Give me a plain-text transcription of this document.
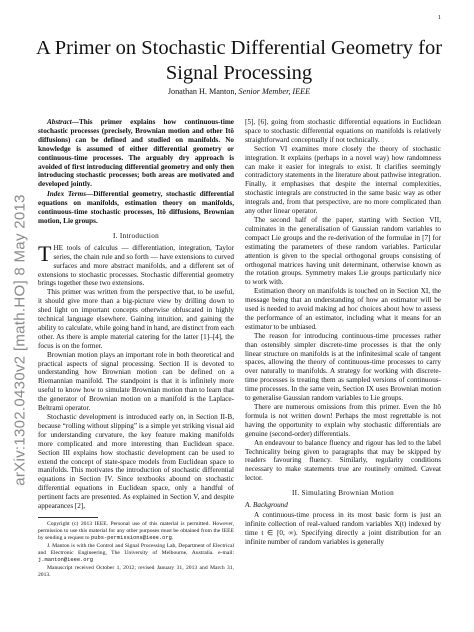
1
arXiv:1302.0430v2 [math.HO] 8 May 2013
A Primer on Stochastic Differential Geometry for
Signal Processing
Jonathan H. Manton, Senior Member, IEEE

Abstract—This primer explains how continuous-time stochastic processes (precisely, Brownian motion and other Itô diffusions) can be defined and studied on manifolds. No knowledge is assumed of either differential geometry or continuous-time processes. The arguably dry approach is avoided of first introducing differential geometry and only then introducing stochastic processes; both areas are motivated and developed jointly.

Index Terms—Differential geometry, stochastic differential equations on manifolds, estimation theory on manifolds, continuous-time stochastic processes, Itô diffusions, Brownian motion, Lie groups.

I. Introduction

THE tools of calculus — differentiation, integration, Taylor series, the chain rule and so forth — have extensions to curved surfaces and more abstract manifolds, and a different set of extensions to stochastic processes. Stochastic differential geometry brings together these two extensions.

This primer was written from the perspective that, to be useful, it should give more than a big-picture view by drilling down to shed light on important concepts otherwise obfuscated in highly technical language elsewhere. Gaining intuition, and gaining the ability to calculate, while going hand in hand, are distinct from each other. As there is ample material catering for the latter [1]–[4], the focus is on the former.

Brownian motion plays an important role in both theoretical and practical aspects of signal processing. Section II is devoted to understanding how Brownian motion can be defined on a Riemannian manifold. The standpoint is that it is infinitely more useful to know how to simulate Brownian motion than to learn that the generator of Brownian motion on a manifold is the Laplace-Beltrami operator.

Stochastic development is introduced early on, in Section II-B, because “rolling without slipping” is a simple yet striking visual aid for understanding curvature, the key feature making manifolds more complicated and more interesting than Euclidean space. Section III explains how stochastic development can be used to extend the concept of state-space models from Euclidean space to manifolds. This motivates the introduction of stochastic differential equations in Section IV. Since textbooks abound on stochastic differential equations in Euclidean space, only a handful of pertinent facts are presented. As explained in Section V, and despite appearances [2],

Copyright (c) 2013 IEEE. Personal use of this material is permitted. However, permission to use this material for any other purposes must be obtained from the IEEE by sending a request to pubs-permissions@ieee.org.

J. Manton is with the Control and Signal Processing Lab, Department of Electrical and Electronic Engineering, The University of Melbourne, Australia. e-mail: j.manton@ieee.org

Manuscript received October 1, 2012; revised January 31, 2013 and March 31, 2013.

[5], [6], going from stochastic differential equations in Euclidean space to stochastic differential equations on manifolds is relatively straightforward conceptually if not technically.

Section VI examines more closely the theory of stochastic integration. It explains (perhaps in a novel way) how randomness can make it easier for integrals to exist. It clarifies seemingly contradictory statements in the literature about pathwise integration. Finally, it emphasises that despite the internal complexities, stochastic integrals are constructed in the same basic way as other integrals and, from that perspective, are no more complicated than any other linear operator.

The second half of the paper, starting with Section VII, culminates in the generalisation of Gaussian random variables to compact Lie groups and the re-derivation of the formulae in [7] for estimating the parameters of these random variables. Particular attention is given to the special orthogonal groups consisting of orthogonal matrices having unit determinant, otherwise known as the rotation groups. Symmetry makes Lie groups particularly nice to work with.

Estimation theory on manifolds is touched on in Section XI, the message being that an understanding of how an estimator will be used is needed to avoid making ad hoc choices about how to assess the performance of an estimator, including what it means for an estimator to be unbiased.

The reason for introducing continuous-time processes rather than ostensibly simpler discrete-time processes is that the only linear structure on manifolds is at the infinitesimal scale of tangent spaces, allowing the theory of continuous-time processes to carry over naturally to manifolds. A strategy for working with discrete-time processes is treating them as sampled versions of continuous-time processes. In the same vein, Section IX uses Brownian motion to generalise Gaussian random variables to Lie groups.

There are numerous omissions from this primer. Even the Itô formula is not written down! Perhaps the most regrettable is not having the opportunity to explain why stochastic differentials are genuine (second-order) differentials.

An endeavour to balance fluency and rigour has led to the label Technicality being given to paragraphs that may be skipped by readers favouring fluency. Similarly, regularity conditions necessary to make statements true are routinely omitted. Caveat lector.

II. Simulating Brownian Motion

A. Background

A continuous-time process in its most basic form is just an infinite collection of real-valued random variables X(t) indexed by time t ∈ [0, ∞). Specifying directly a joint distribution for an infinite number of random variables is generally
